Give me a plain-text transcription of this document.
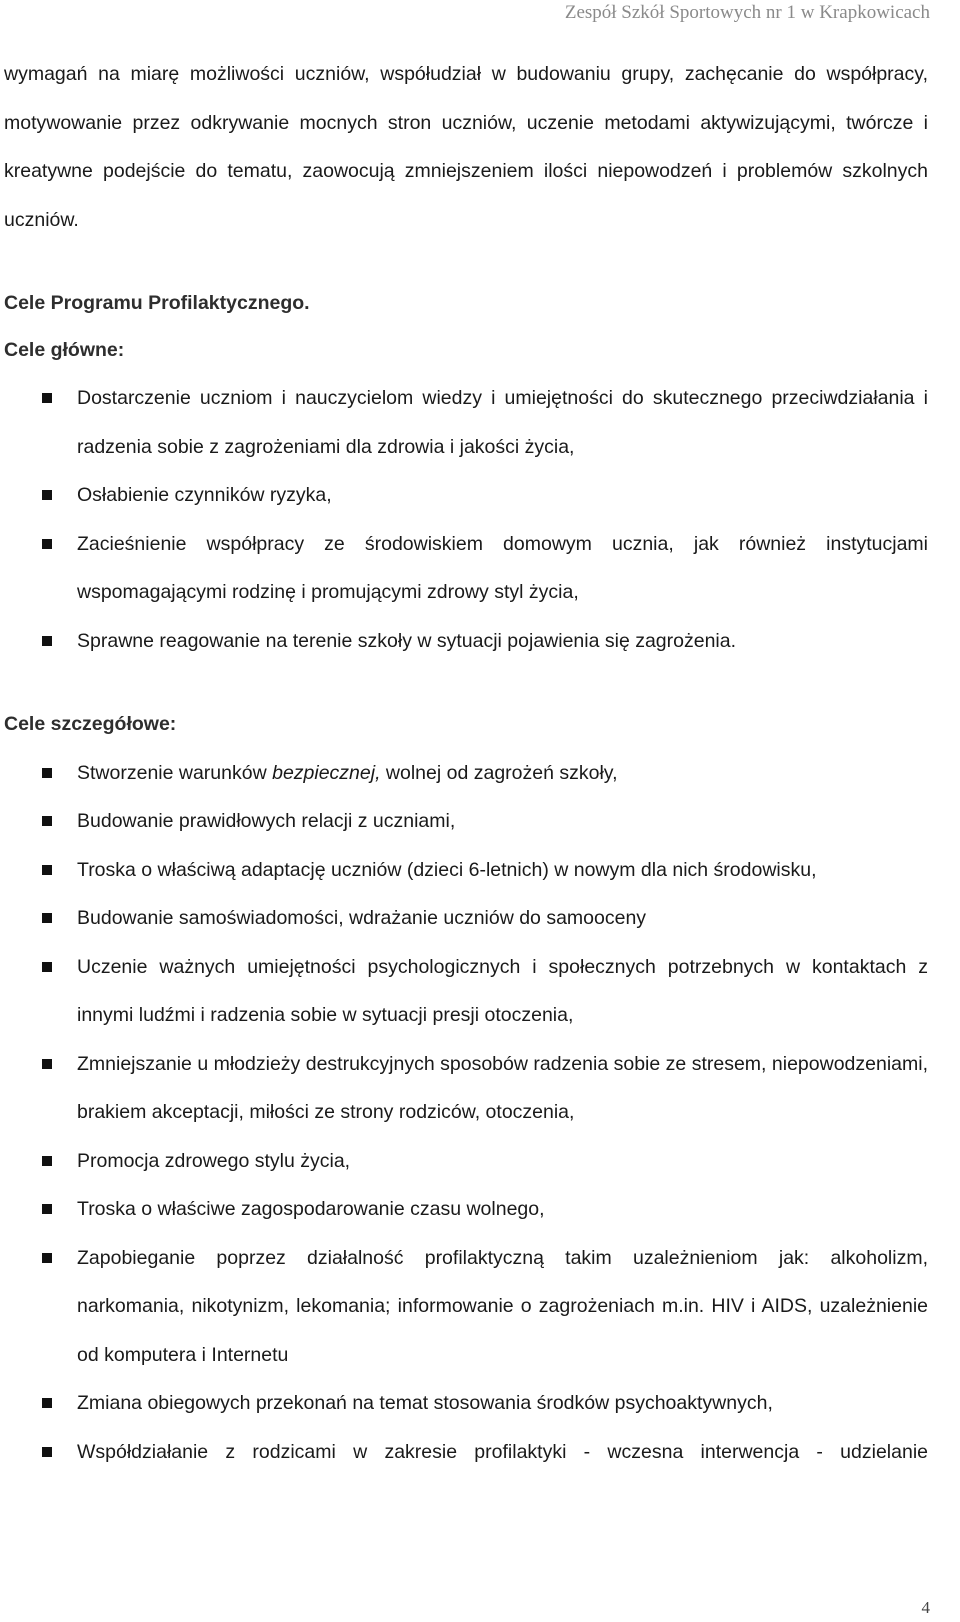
Zespół Szkół Sportowych nr 1 w Krapkowicach

wymagań na miarę możliwości uczniów, współudział w budowaniu grupy, zachęcanie do współpracy, motywowanie przez odkrywanie mocnych stron uczniów, uczenie metodami aktywizującymi, twórcze i kreatywne podejście do tematu, zaowocują zmniejszeniem ilości niepowodzeń i problemów szkolnych uczniów.

Cele Programu Profilaktycznego.

Cele główne:

Dostarczenie uczniom i nauczycielom wiedzy i umiejętności do skutecznego przeciwdziałania i radzenia sobie z zagrożeniami dla zdrowia i jakości życia,
Osłabienie czynników ryzyka,
Zacieśnienie współpracy ze środowiskiem domowym ucznia, jak również instytucjami wspomagającymi rodzinę i promującymi zdrowy styl życia,
Sprawne reagowanie na terenie szkoły w sytuacji pojawienia się zagrożenia.

Cele szczegółowe:

Stworzenie warunków bezpiecznej, wolnej od zagrożeń szkoły,
Budowanie prawidłowych relacji z uczniami,
Troska o właściwą adaptację uczniów (dzieci 6-letnich) w nowym dla nich środowisku,
Budowanie samoświadomości, wdrażanie uczniów do samooceny
Uczenie ważnych umiejętności psychologicznych i społecznych potrzebnych w kontaktach z innymi ludźmi i radzenia sobie w sytuacji presji otoczenia,
Zmniejszanie u młodzieży destrukcyjnych sposobów radzenia sobie ze stresem, niepowodzeniami, brakiem akceptacji, miłości ze strony rodziców, otoczenia,
Promocja zdrowego stylu życia,
Troska o właściwe zagospodarowanie czasu wolnego,
Zapobieganie poprzez działalność profilaktyczną takim uzależnieniom jak: alkoholizm, narkomania, nikotynizm, lekomania; informowanie o zagrożeniach m.in. HIV i AIDS, uzależnienie od komputera i Internetu
Zmiana obiegowych przekonań na temat stosowania środków psychoaktywnych,
Współdziałanie z rodzicami w zakresie profilaktyki - wczesna interwencja - udzielanie
4
